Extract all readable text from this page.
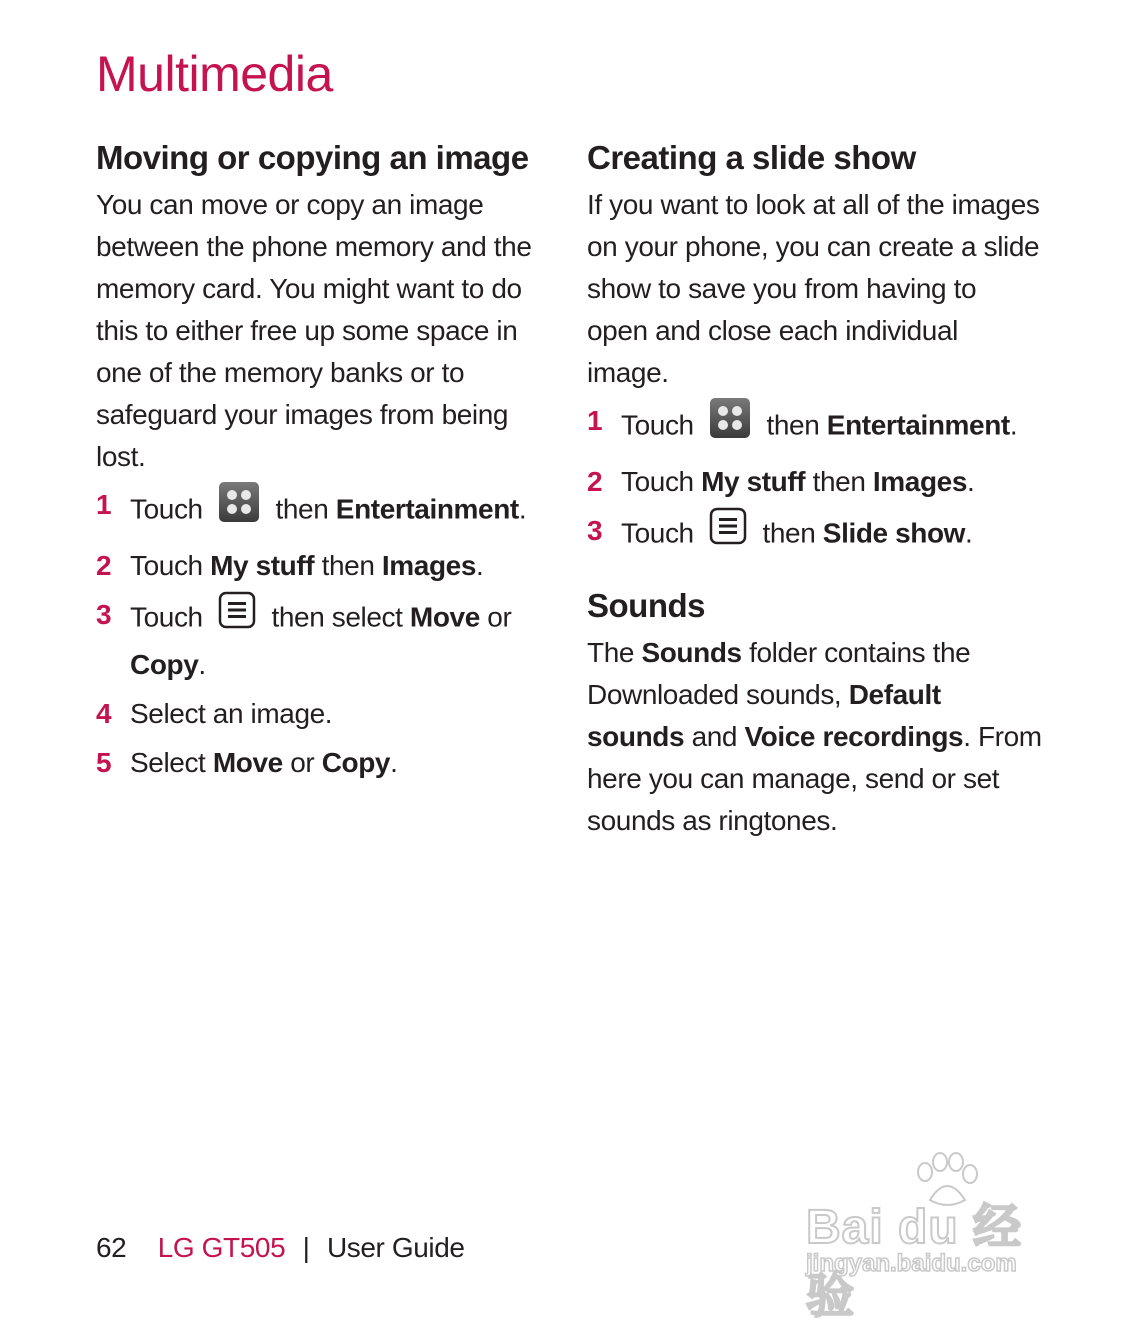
Multimedia
Moving or copying an image

You can move or copy an image between the phone memory and the memory card. You might want to do this to either free up some space in one of the memory banks or to safeguard your images from being lost.

1 Touch	then Entertainment.
2 Touch My stuff then Images.
3 Touch then select Move or Copy.
4 Select an image.
5 Select Move or Copy.
Creating a slide show

If you want to look at all of the images on your phone, you can create a slide show to save you from having to open and close each individual image.

1 Touch	then Entertainment.
2 Touch My stuff then Images.
3 Touch then Slide show.
Sounds

The Sounds folder contains the Downloaded sounds, Default sounds and Voice recordings. From here you can manage, send or set sounds as ringtones.

62 LG GT505 | User Guide	Bai du 经验
jingyan.baidu.com
